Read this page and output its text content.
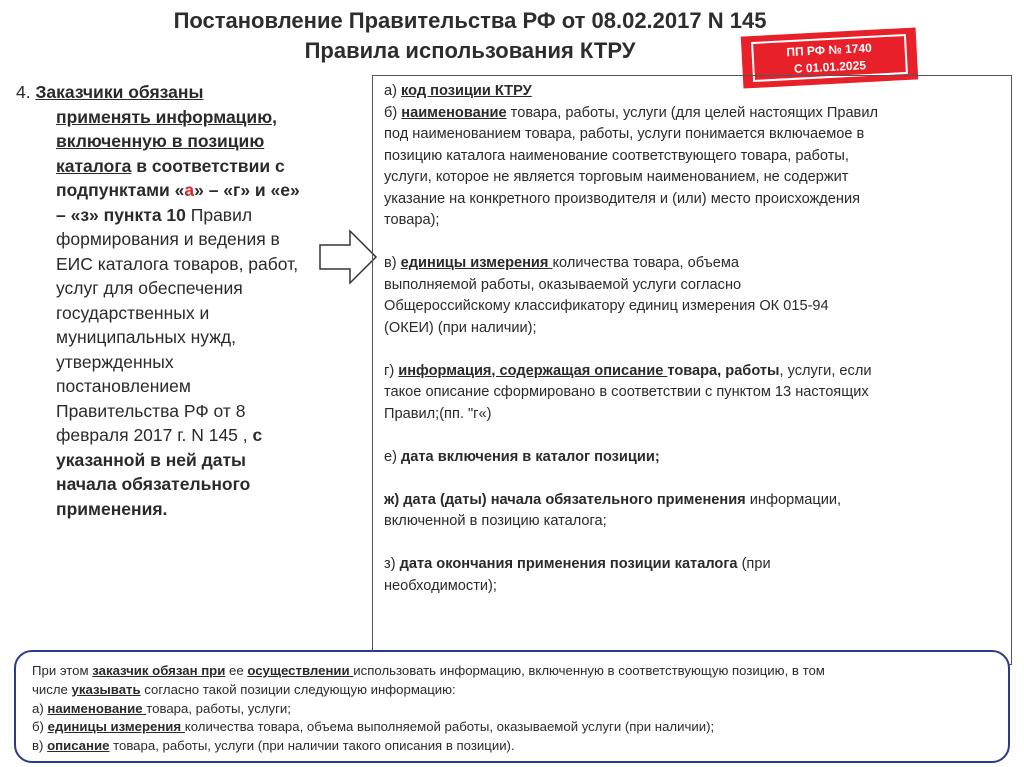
Постановление Правительства РФ от 08.02.2017 N 145
Правила использования КТРУ	ПП РФ № 1740
С 01.01.2025
4. Заказчики обязаны
применять информацию,
включенную в позицию
каталога в соответствии с
подпунктами «а» – «г» и «е»
– «з» пункта 10 Правил
формирования и ведения в
ЕИС каталога товаров, работ,
услуг для обеспечения
государственных и
муниципальных нужд,
утвержденных
постановлением
Правительства РФ от 8
февраля 2017 г. N 145 , с
указанной в ней даты
начала обязательного
применения.

а) код позиции КТРУ

б) наименование товара, работы, услуги (для целей настоящих Правил

под наименованием товара, работы, услуги понимается включаемое в

позицию каталога наименование соответствующего товара, работы,

услуги, которое не является торговым наименованием, не содержит

указание на конкретного производителя и (или) место происхождения

товара);

в) единицы измерения количества товара, объема

выполняемой работы, оказываемой услуги согласно

Общероссийскому классификатору единиц измерения ОК 015-94

(ОКЕИ) (при наличии);

г) информация, содержащая описание товара, работы, услуги, если

такое описание сформировано в соответствии с пунктом 13 настоящих

Правил;(пп. "г«)

е) дата включения в каталог позиции;

ж) дата (даты) начала обязательного применения информации,

включенной в позицию каталога;

з) дата окончания применения позиции каталога (при

необходимости);

При этом заказчик обязан при ее осуществлении использовать информацию, включенную в соответствующую позицию, в том

числе указывать согласно такой позиции следующую информацию:

а) наименование товара, работы, услуги;

б) единицы измерения количества товара, объема выполняемой работы, оказываемой услуги (при наличии);

в) описание товара, работы, услуги (при наличии такого описания в позиции).
